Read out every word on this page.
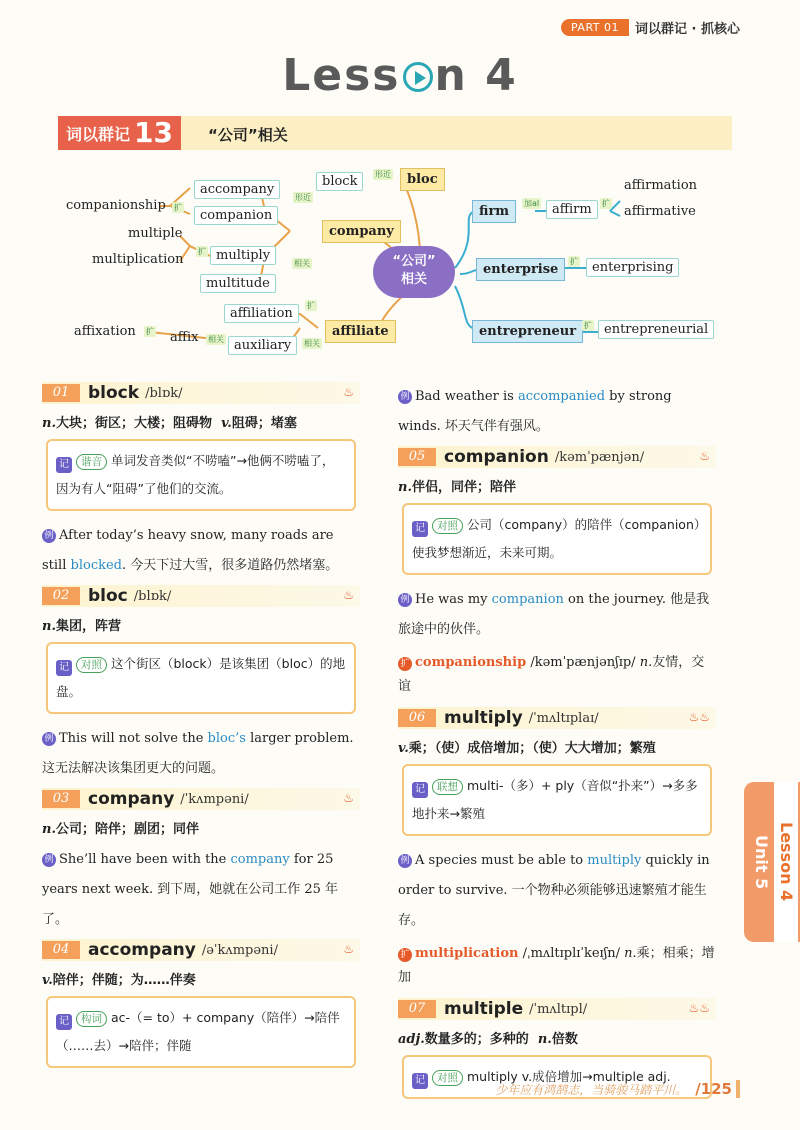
PART 01	词以群记 · 抓核心
Less n 4
词以群记 13 “公司”相关
“公司”
相关
company
affiliate
bloc
firm
enterprise
entrepreneur
block	形近
accompany
companion
形近
companionship 扩
multiple
multiplication
扩 multiply
multitude
相关
affiliation
扩
auxiliary	相关
affix 相关
affixation 扩
加al affirm	扩
affirmation
affirmative
扩	enterprising
扩 entrepreneurial
01	block /blɒk/	♨
n.大块；街区；大楼；阻碍物 v.阻碍；堵塞
记 谐音 单词发音类似“不唠嗑”→他俩不唠嗑了，因为有人“阻碍”了他们的交流。
例 After today’s heavy snow, many roads are still blocked. 今天下过大雪，很多道路仍然堵塞。
02	bloc /blɒk/	♨
n.集团，阵营
记 对照 这个街区（block）是该集团（bloc）的地盘。
例 This will not solve the bloc’s larger problem. 这无法解决该集团更大的问题。
03	company /ˈkʌmpəni/	♨
n.公司；陪伴；剧团；同伴
例 She’ll have been with the company for 25 years next week. 到下周，她就在公司工作 25 年了。
04	accompany /əˈkʌmpəni/	♨
v.陪伴；伴随；为……伴奏
记 构词 ac-（= to）+ company（陪伴）→陪伴（……去）→陪伴；伴随
例 Bad weather is accompanied by strong winds. 坏天气伴有强风。
05	companion /kəmˈpænjən/	♨
n.伴侣，同伴；陪伴
记 对照 公司（company）的陪伴（companion）使我梦想渐近，未来可期。
例 He was my companion on the journey. 他是我旅途中的伙伴。
扩 companionship /kəmˈpænjənʃɪp/ n.友情，交谊
06	multiply /ˈmʌltɪplaɪ/	♨♨
v.乘；（使）成倍增加；（使）大大增加；繁殖
记 联想 multi-（多）+ ply（音似“扑来”）→多多地扑来→繁殖
例 A species must be able to multiply quickly in order to survive. 一个物种必须能够迅速繁殖才能生存。
扩 multiplication /ˌmʌltɪplɪˈkeɪʃn/ n.乘；相乘；增加
07	multiple /ˈmʌltɪpl/	♨♨
adj.数量多的；多种的 n.倍数
记 对照 multiply v.成倍增加→multiple adj.
Unit 5 Lesson 4
少年应有鸿鹄志，当骑骏马踏平川。 /125
